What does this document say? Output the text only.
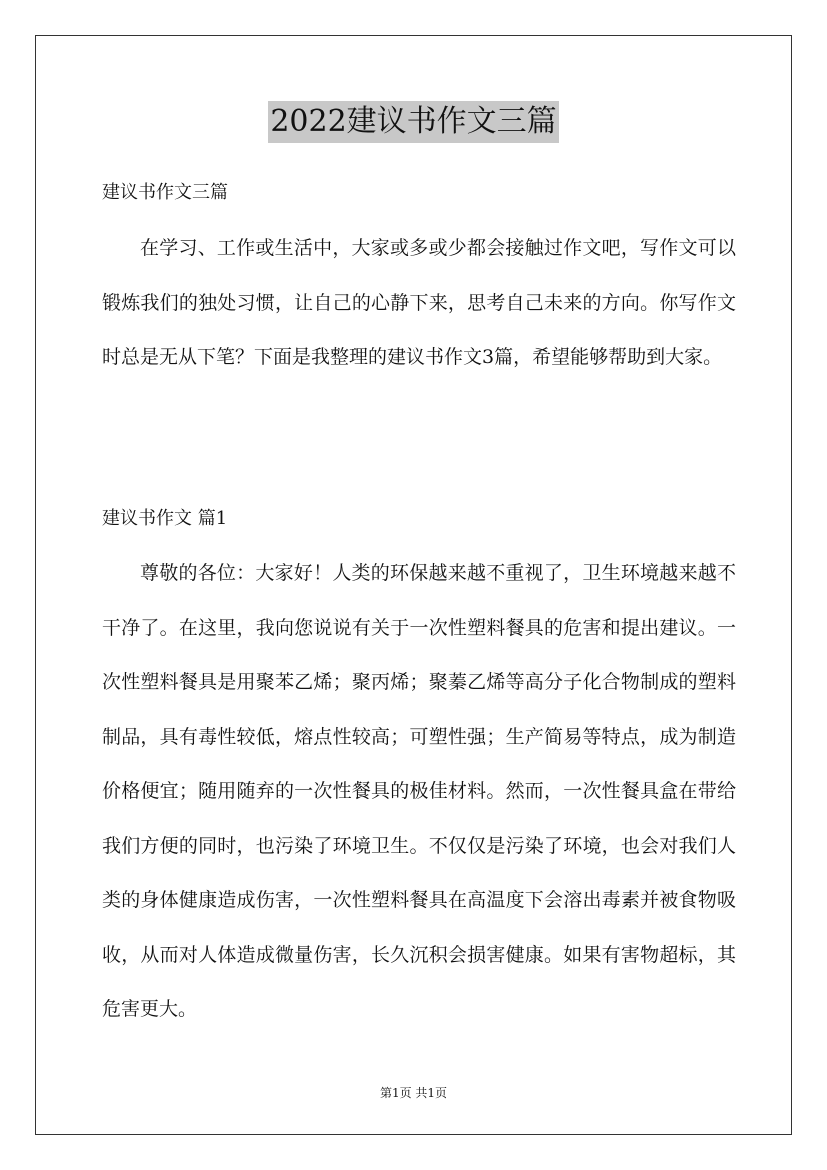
2022建议书作文三篇

建议书作文三篇

在学习、工作或生活中，大家或多或少都会接触过作文吧，写作文可以锻炼我们的独处习惯，让自己的心静下来，思考自己未来的方向。你写作文时总是无从下笔？下面是我整理的建议书作文3篇，希望能够帮助到大家。

建议书作文 篇1

尊敬的各位：大家好！人类的环保越来越不重视了，卫生环境越来越不干净了。在这里，我向您说说有关于一次性塑料餐具的危害和提出建议。一次性塑料餐具是用聚苯乙烯；聚丙烯；聚蓁乙烯等高分子化合物制成的塑料制品，具有毒性较低，熔点性较高；可塑性强；生产简易等特点，成为制造价格便宜；随用随弃的一次性餐具的极佳材料。然而，一次性餐具盒在带给我们方便的同时，也污染了环境卫生。不仅仅是污染了环境，也会对我们人类的身体健康造成伤害，一次性塑料餐具在高温度下会溶出毒素并被食物吸收，从而对人体造成微量伤害，长久沉积会损害健康。如果有害物超标，其危害更大。

第1页 共1页
